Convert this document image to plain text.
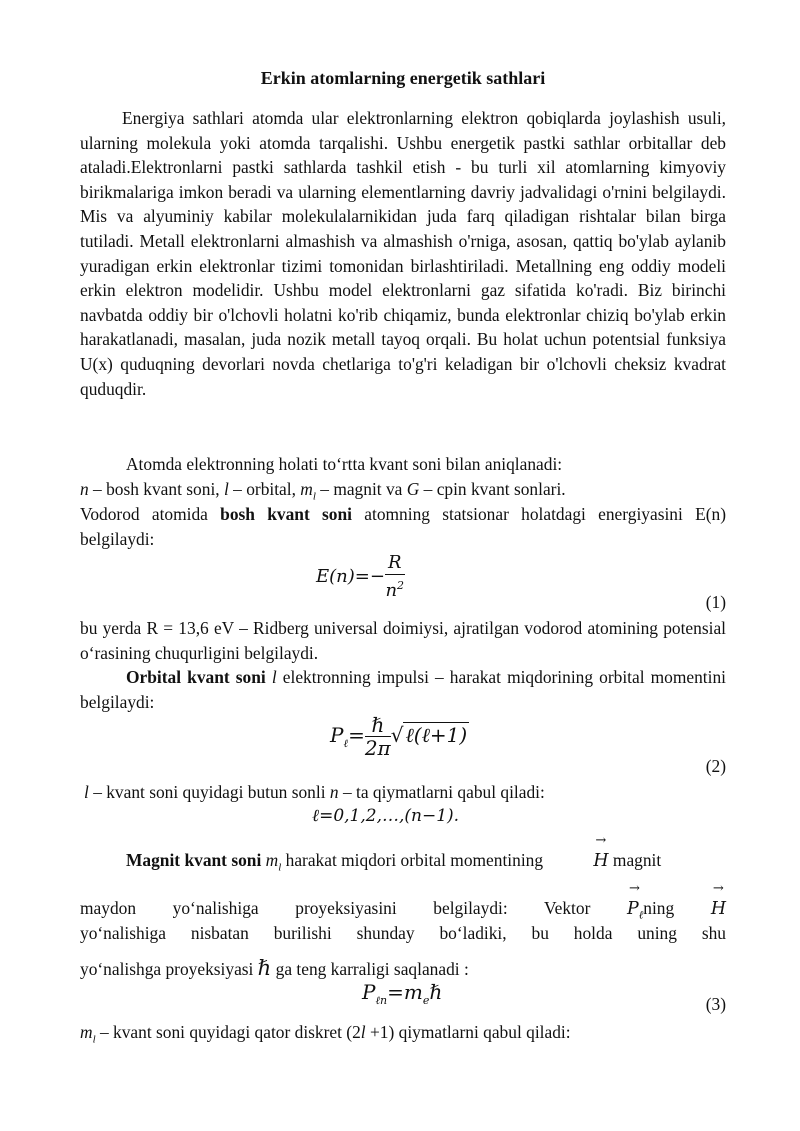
Erkin atomlarning energetik sathlari

Energiya sathlari atomda ular elektronlarning elektron qobiqlarda joylashish usuli, ularning molekula yoki atomda tarqalishi. Ushbu energetik pastki sathlar orbitallar deb ataladi.Elektronlarni pastki sathlarda tashkil etish - bu turli xil atomlarning kimyoviy birikmalariga imkon beradi va ularning elementlarning davriy jadvalidagi o'rnini belgilaydi. Mis va alyuminiy kabilar molekulalarnikidan juda farq qiladigan rishtalar bilan birga tutiladi. Metall elektronlarni almashish va almashish o'rniga, asosan, qattiq bo'ylab aylanib yuradigan erkin elektronlar tizimi tomonidan birlashtiriladi. Metallning eng oddiy modeli erkin elektron modelidir. Ushbu model elektronlarni gaz sifatida ko'radi. Biz birinchi navbatda oddiy bir o'lchovli holatni ko'rib chiqamiz, bunda elektronlar chiziq bo'ylab erkin harakatlanadi, masalan, juda nozik metall tayoq orqali. Bu holat uchun potentsial funksiya U(x) quduqning devorlari novda chetlariga to'g'ri keladigan bir o'lchovli cheksiz kvadrat quduqdir.

Atomda elektronning holati to‘rtta kvant soni bilan aniqlanadi:

n – bosh kvant soni, l – orbital, $m_l$ – magnit va G – cpin kvant sonlari.

Vodorod atomida bosh kvant soni atomning statsionar holatdagi energiyasini E(n) belgilaydi:

$E(n)=- \frac{R}{n^2}$	(1)

bu yerda R = 13,6 eV – Ridberg universal doimiysi, ajratilgan vodorod atomining potensial o‘rasining chuqurligini belgilaydi.

Orbital kvant soni l elektronning impulsi – harakat miqdorining orbital momentini belgilaydi:

$P_\ell= \frac{\text{ℏ}}{2\pi}$ √ ℓ(ℓ+1)
(2)

l – kvant soni quyidagi butun sonli n – ta qiymatlarni qabul qiladi:

ℓ=0,1,2,…,(n−1).

Magnit kvant soni $m_l$ harakat miqdori orbital momentining
→
H magnit

maydon yo‘nalishiga proyeksiyasini belgilaydi: Vektor
→
$P_\ell ning$
→
H

yo‘nalishiga nisbatan burilishi shunday bo‘ladiki, bu holda uning shu

yo‘nalishga proyeksiyasi ℏ ga teng karraligi saqlanadi :

$P_{\ell n}=m_e\hbar$	(3)

$m_l$ – kvant soni quyidagi qator diskret (2l +1) qiymatlarni qabul qiladi:
